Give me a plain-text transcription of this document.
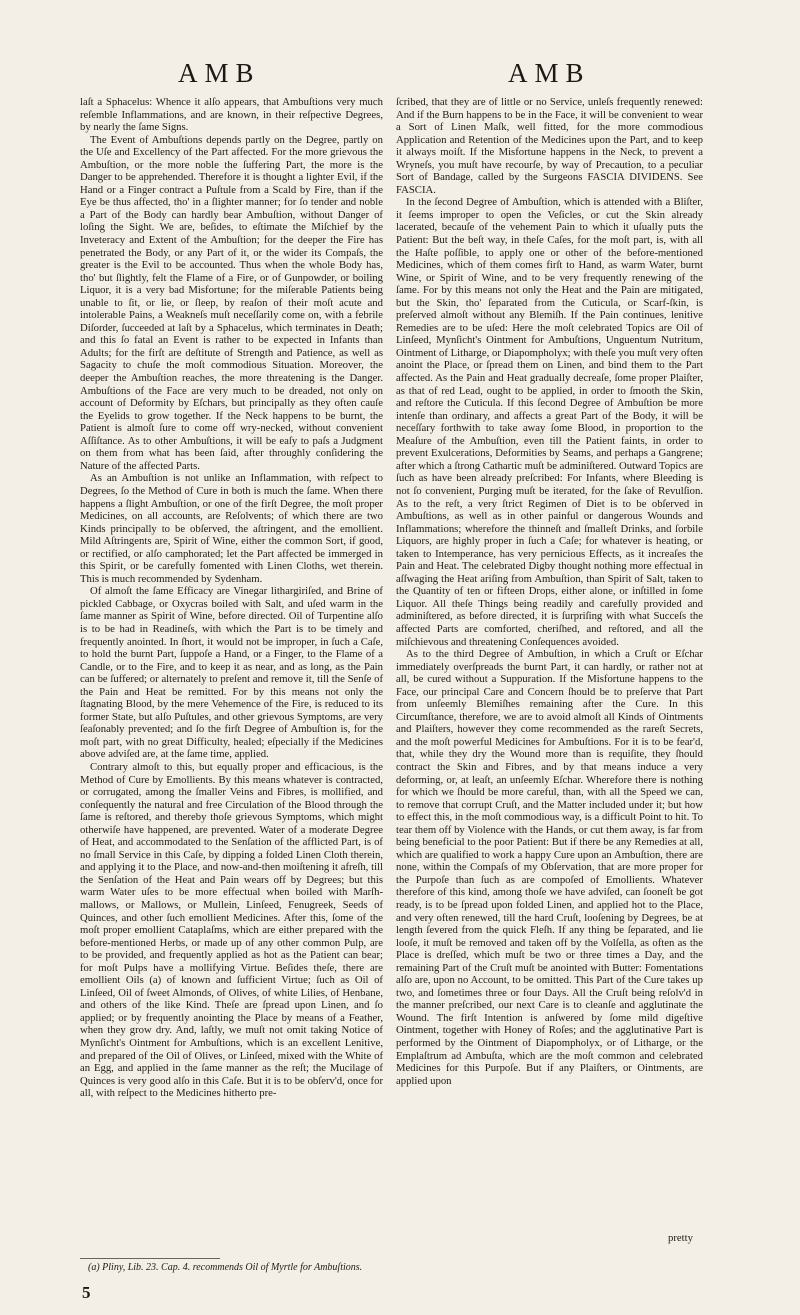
AMB	AMB

laſt a Sphacelus: Whence it alſo appears, that Ambuſtions very much reſemble Inflammations, and are known, in their reſpective Degrees, by nearly the ſame Signs.

The Event of Ambuſtions depends partly on the Degree, partly on the Uſe and Excellency of the Part affected. For the more grievous the Ambuſtion, or the more noble the ſuffering Part, the more is the Danger to be apprehended. Therefore it is thought a lighter Evil, if the Hand or a Finger contract a Puſtule from a Scald by Fire, than if the Eye be thus affected, tho' in a ſlighter manner; for ſo tender and noble a Part of the Body can hardly bear Ambuſtion, without Danger of loſing the Sight. We are, beſides, to eſtimate the Miſchief by the Inveteracy and Extent of the Ambuſtion; for the deeper the Fire has penetrated the Body, or any Part of it, or the wider its Compaſs, the greater is the Evil to be accounted. Thus when the whole Body has, tho' but ſlightly, felt the Flame of a Fire, or of Gunpowder, or boiling Liquor, it is a very bad Misfortune; for the miſerable Patients being unable to ſit, or lie, or ſleep, by reaſon of their moſt acute and intolerable Pains, a Weakneſs muſt neceſſarily come on, with a febrile Diſorder, ſucceeded at laſt by a Sphacelus, which terminates in Death; and this ſo fatal an Event is rather to be expected in Infants than Adults; for the firſt are deſtitute of Strength and Patience, as well as Sagacity to chuſe the moſt commodious Situation. Moreover, the deeper the Ambuſtion reaches, the more threatening is the Danger. Ambuſtions of the Face are very much to be dreaded, not only on account of Deformity by Eſchars, but principally as they often cauſe the Eyelids to grow together. If the Neck happens to be burnt, the Patient is almoſt ſure to come off wry-necked, without convenient Aſſiſtance. As to other Ambuſtions, it will be eaſy to paſs a Judgment on them from what has been ſaid, after throughly conſidering the Nature of the affected Parts.

As an Ambuſtion is not unlike an Inflammation, with reſpect to Degrees, ſo the Method of Cure in both is much the ſame. When there happens a ſlight Ambuſtion, or one of the firſt Degree, the moſt proper Medicines, on all accounts, are Reſolvents; of which there are two Kinds principally to be obſerved, the aſtringent, and the emollient. Mild Aſtringents are, Spirit of Wine, either the common Sort, if good, or rectified, or alſo camphorated; let the Part affected be immerged in this Spirit, or be carefully fomented with Linen Cloths, wet therein. This is much recommended by Sydenham.

Of almoſt the ſame Efficacy are Vinegar lithargiriſed, and Brine of pickled Cabbage, or Oxycras boiled with Salt, and uſed warm in the ſame manner as Spirit of Wine, before directed. Oil of Turpentine alſo is to be had in Readineſs, with which the Part is to be timely and frequently anointed. In ſhort, it would not be improper, in ſuch a Caſe, to hold the burnt Part, ſuppoſe a Hand, or a Finger, to the Flame of a Candle, or to the Fire, and to keep it as near, and as long, as the Pain can be ſuffered; or alternately to preſent and remove it, till the Senſe of the Pain and Heat be remitted. For by this means not only the ſtagnating Blood, by the mere Vehemence of the Fire, is reduced to its former State, but alſo Puſtules, and other grievous Symptoms, are very ſeaſonably prevented; and ſo the firſt Degree of Ambuſtion is, for the moſt part, with no great Difficulty, healed; eſpecially if the Medicines above adviſed are, at the ſame time, applied.

Contrary almoſt to this, but equally proper and efficacious, is the Method of Cure by Emollients. By this means whatever is contracted, or corrugated, among the ſmaller Veins and Fibres, is mollified, and conſequently the natural and free Circulation of the Blood through the ſame is reſtored, and thereby thoſe grievous Symptoms, which might otherwiſe have happened, are prevented. Water of a moderate Degree of Heat, and accommodated to the Senſation of the afflicted Part, is of no ſmall Service in this Caſe, by dipping a folded Linen Cloth therein, and applying it to the Place, and now-and-then moiſtening it afreſh, till the Senſation of the Heat and Pain wears off by Degrees; but this warm Water uſes to be more effectual when boiled with Marſh-mallows, or Mallows, or Mullein, Linſeed, Fenugreek, Seeds of Quinces, and other ſuch emollient Medicines. After this, ſome of the moſt proper emollient Cataplaſms, which are either prepared with the before-mentioned Herbs, or made up of any other common Pulp, are to be provided, and frequently applied as hot as the Patient can bear; for moſt Pulps have a mollifying Virtue. Beſides theſe, there are emollient Oils (a) of known and ſufficient Virtue; ſuch as Oil of Linſeed, Oil of ſweet Almonds, of Olives, of white Lilies, of Henbane, and others of the like Kind. Theſe are ſpread upon Linen, and ſo applied; or by frequently anointing the Place by means of a Feather, when they grow dry. And, laſtly, we muſt not omit taking Notice of Mynſicht's Ointment for Ambuſtions, which is an excellent Lenitive, and prepared of the Oil of Olives, or Linſeed, mixed with the White of an Egg, and applied in the ſame manner as the reſt; the Mucilage of Quinces is very good alſo in this Caſe. But it is to be obſerv'd, once for all, with reſpect to the Medicines hitherto pre-

ſcribed, that they are of little or no Service, unleſs frequently renewed: And if the Burn happens to be in the Face, it will be convenient to wear a Sort of Linen Maſk, well fitted, for the more commodious Application and Retention of the Medicines upon the Part, and to keep it always moiſt. If the Misfortune happens in the Neck, to prevent a Wryneſs, you muſt have recourſe, by way of Precaution, to a peculiar Sort of Bandage, called by the Surgeons FASCIA DIVIDENS. See FASCIA.

In the ſecond Degree of Ambuſtion, which is attended with a Bliſter, it ſeems improper to open the Veſicles, or cut the Skin already lacerated, becauſe of the vehement Pain to which it uſually puts the Patient: But the beſt way, in theſe Caſes, for the moſt part, is, with all the Haſte poſſible, to apply one or other of the before-mentioned Medicines, which of them comes firſt to Hand, as warm Water, burnt Wine, or Spirit of Wine, and to be very frequently renewing of the ſame. For by this means not only the Heat and the Pain are mitigated, but the Skin, tho' ſeparated from the Cuticula, or Scarf-ſkin, is preſerved almoſt without any Blemiſh. If the Pain continues, lenitive Remedies are to be uſed: Here the moſt celebrated Topics are Oil of Linſeed, Mynſicht's Ointment for Ambuſtions, Unguentum Nutritum, Ointment of Litharge, or Diapompholyx; with theſe you muſt very often anoint the Place, or ſpread them on Linen, and bind them to the Part affected. As the Pain and Heat gradually decreaſe, ſome proper Plaiſter, as that of red Lead, ought to be applied, in order to ſmooth the Skin, and reſtore the Cuticula. If this ſecond Degree of Ambuſtion be more intenſe than ordinary, and affects a great Part of the Body, it will be neceſſary forthwith to take away ſome Blood, in proportion to the Meaſure of the Ambuſtion, even till the Patient faints, in order to prevent Exulcerations, Deformities by Seams, and perhaps a Gangrene; after which a ſtrong Cathartic muſt be adminiſtered. Outward Topics are ſuch as have been already preſcribed: For Infants, where Bleeding is not ſo convenient, Purging muſt be iterated, for the ſake of Revulſion. As to the reſt, a very ſtrict Regimen of Diet is to be obſerved in Ambuſtions, as well as in other painful or dangerous Wounds and Inflammations; wherefore the thinneſt and ſmalleſt Drinks, and ſorbile Liquors, are highly proper in ſuch a Caſe; for whatever is heating, or taken to Intemperance, has very pernicious Effects, as it increaſes the Pain and Heat. The celebrated Digby thought nothing more effectual in aſſwaging the Heat ariſing from Ambuſtion, than Spirit of Salt, taken to the Quantity of ten or fifteen Drops, either alone, or inſtilled in ſome Liquor. All theſe Things being readily and carefully provided and adminiſtered, as before directed, it is ſurpriſing with what Succeſs the affected Parts are comforted, cheriſhed, and reſtored, and all the miſchievous and threatening Conſequences avoided.

As to the third Degree of Ambuſtion, in which a Cruſt or Eſchar immediately overſpreads the burnt Part, it can hardly, or rather not at all, be cured without a Suppuration. If the Misfortune happens to the Face, our principal Care and Concern ſhould be to preſerve that Part from unſeemly Blemiſhes remaining after the Cure. In this Circumſtance, therefore, we are to avoid almoſt all Kinds of Ointments and Plaiſters, however they come recommended as the rareſt Secrets, and the moſt powerful Medicines for Ambuſtions. For it is to be fear'd, that, while they dry the Wound more than is requiſite, they ſhould contract the Skin and Fibres, and by that means induce a very deforming, or, at leaſt, an unſeemly Eſchar. Wherefore there is nothing for which we ſhould be more careful, than, with all the Speed we can, to remove that corrupt Cruſt, and the Matter included under it; but how to effect this, in the moſt commodious way, is a difficult Point to hit. To tear them off by Violence with the Hands, or cut them away, is far from being beneficial to the poor Patient: But if there be any Remedies at all, which are qualified to work a happy Cure upon an Ambuſtion, there are none, within the Compaſs of my Obſervation, that are more proper for the Purpoſe than ſuch as are compoſed of Emollients. Whatever therefore of this kind, among thoſe we have adviſed, can ſooneſt be got ready, is to be ſpread upon folded Linen, and applied hot to the Place, and very often renewed, till the hard Cruſt, looſening by Degrees, be at length ſevered from the quick Fleſh. If any thing be ſeparated, and lie looſe, it muſt be removed and taken off by the Volſella, as often as the Place is dreſſed, which muſt be two or three times a Day, and the remaining Part of the Cruſt muſt be anointed with Butter: Fomentations alſo are, upon no Account, to be omitted. This Part of the Cure takes up two, and ſometimes three or four Days. All the Cruſt being reſolv'd in the manner preſcribed, our next Care is to cleanſe and agglutinate the Wound. The firſt Intention is anſwered by ſome mild digeſtive Ointment, together with Honey of Roſes; and the agglutinative Part is performed by the Ointment of Diapompholyx, or of Litharge, or the Emplaſtrum ad Ambuſta, which are the moſt common and celebrated Medicines for this Purpoſe. But if any Plaiſters, or Ointments, are applied upon

pretty
(a) Pliny, Lib. 23. Cap. 4. recommends Oil of Myrtle for Ambuſtions.
5
